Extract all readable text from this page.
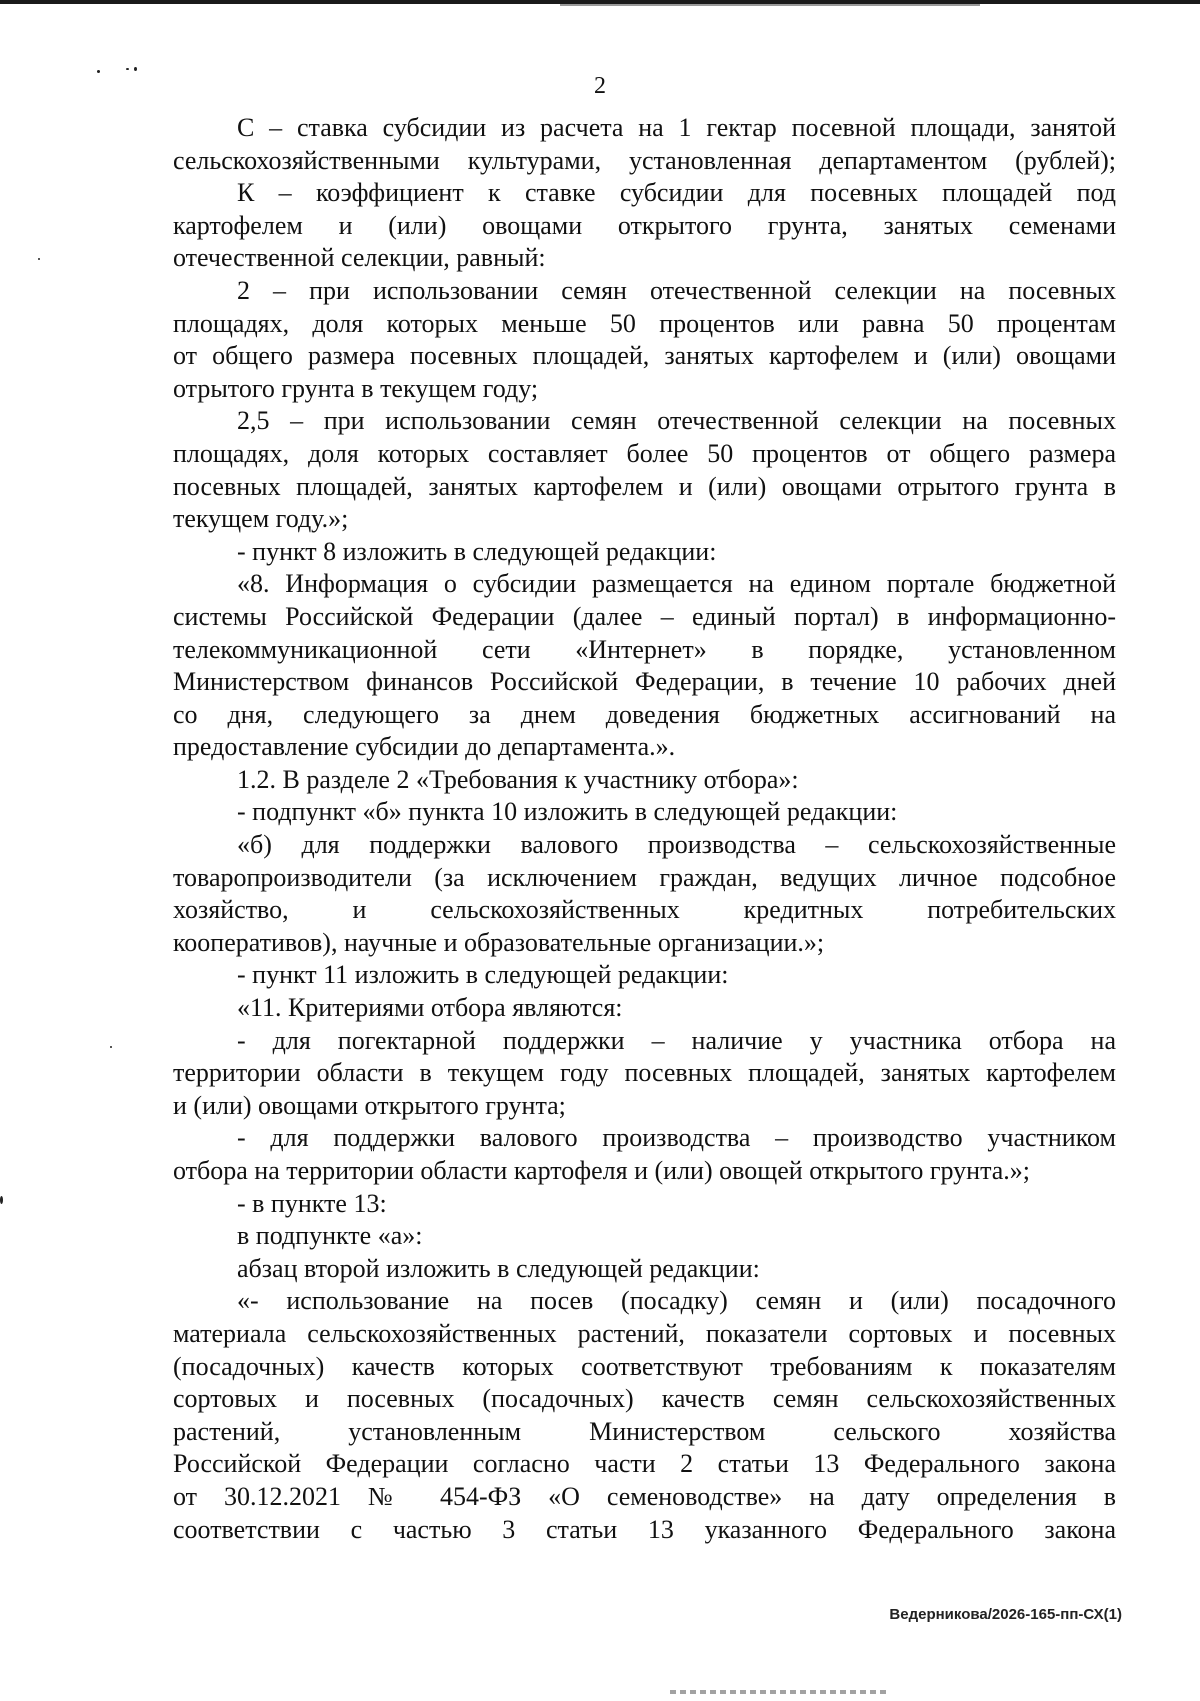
2
С – ставка субсидии из расчета на 1 гектар посевной площади, занятой
сельскохозяйственными культурами, установленная департаментом (рублей);
К – коэффициент к ставке субсидии для посевных площадей под
картофелем и (или) овощами открытого грунта, занятых семенами
отечественной селекции, равный:
2 – при использовании семян отечественной селекции на посевных
площадях, доля которых меньше 50 процентов или равна 50 процентам
от общего размера посевных площадей, занятых картофелем и (или) овощами
отрытого грунта в текущем году;
2,5 – при использовании семян отечественной селекции на посевных
площадях, доля которых составляет более 50 процентов от общего размера
посевных площадей, занятых картофелем и (или) овощами отрытого грунта в
текущем году.»;
- пункт 8 изложить в следующей редакции:
«8. Информация о субсидии размещается на едином портале бюджетной
системы Российской Федерации (далее – единый портал) в информационно-
телекоммуникационной сети «Интернет» в порядке, установленном
Министерством финансов Российской Федерации, в течение 10 рабочих дней
со дня, следующего за днем доведения бюджетных ассигнований на
предоставление субсидии до департамента.».
1.2. В разделе 2 «Требования к участнику отбора»:
- подпункт «б» пункта 10 изложить в следующей редакции:
«б) для поддержки валового производства – сельскохозяйственные
товаропроизводители (за исключением граждан, ведущих личное подсобное
хозяйство, и сельскохозяйственных кредитных потребительских
кооперативов), научные и образовательные организации.»;
- пункт 11 изложить в следующей редакции:
«11. Критериями отбора являются:
- для погектарной поддержки – наличие у участника отбора на
территории области в текущем году посевных площадей, занятых картофелем
и (или) овощами открытого грунта;
- для поддержки валового производства – производство участником
отбора на территории области картофеля и (или) овощей открытого грунта.»;
- в пункте 13:
в подпункте «а»:
абзац второй изложить в следующей редакции:
«- использование на посев (посадку) семян и (или) посадочного
материала сельскохозяйственных растений, показатели сортовых и посевных
(посадочных) качеств которых соответствуют требованиям к показателям
сортовых и посевных (посадочных) качеств семян сельскохозяйственных
растений, установленным Министерством сельского хозяйства
Российской Федерации согласно части 2 статьи 13 Федерального закона
от 30.12.2021 № 454-ФЗ «О семеноводстве» на дату определения в
соответствии с частью 3 статьи 13 указанного Федерального закона
Ведерникова/2026-165-пп-СХ(1)
